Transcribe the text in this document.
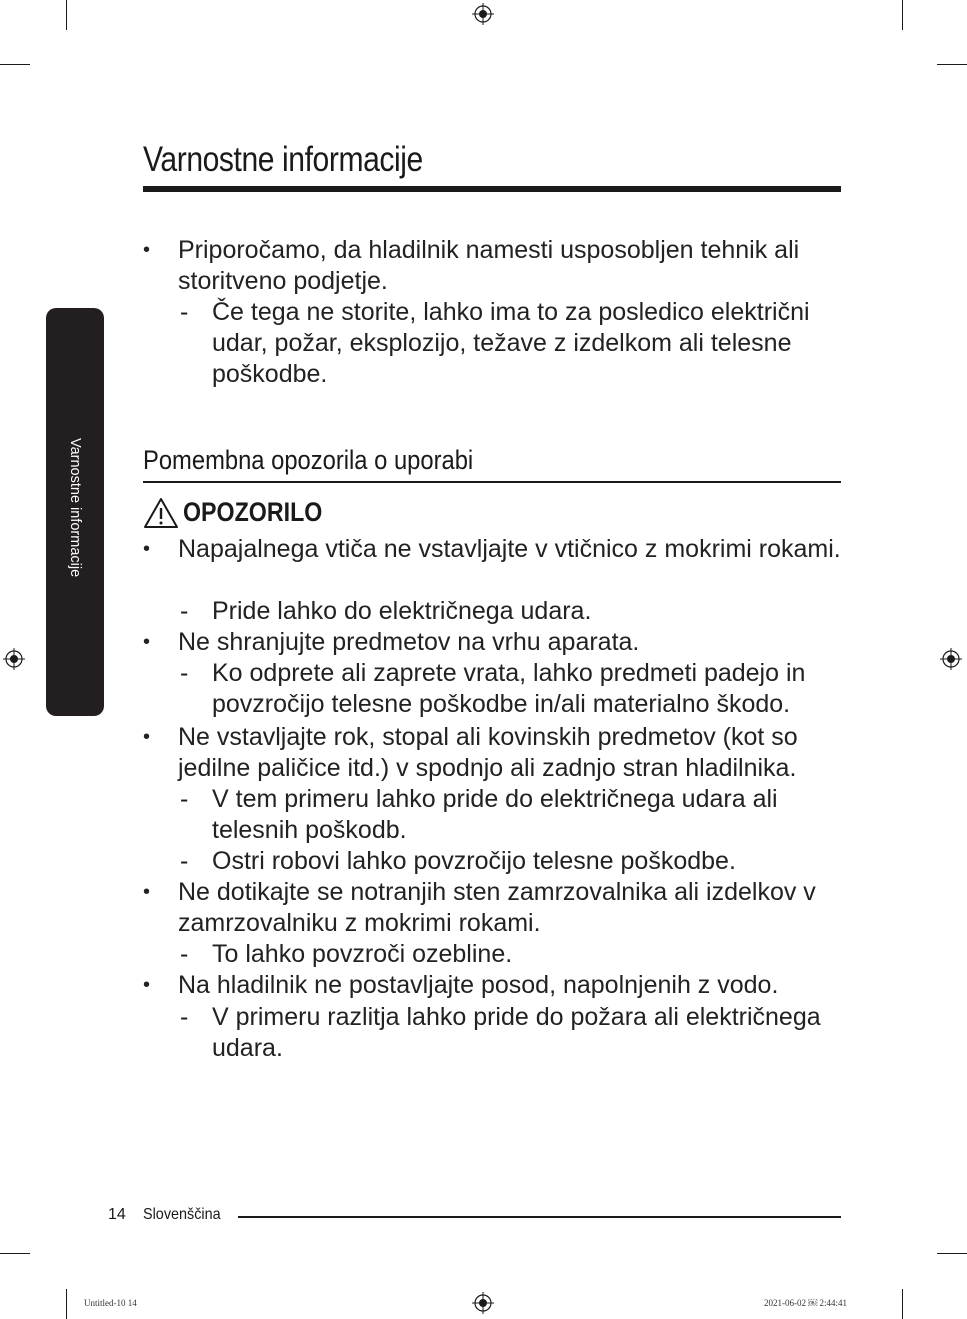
Varnostne informacije
Varnostne informacije
• Priporočamo, da hladilnik namesti usposobljen tehnik ali storitveno podjetje.
- Če tega ne storite, lahko ima to za posledico električni udar, požar, eksplozijo, težave z izdelkom ali telesne poškodbe.
Pomembna opozorila o uporabi
OPOZORILO
• Napajalnega vtiča ne vstavljajte v vtičnico z mokrimi rokami.
- Pride lahko do električnega udara.
• Ne shranjujte predmetov na vrhu aparata.
- Ko odprete ali zaprete vrata, lahko predmeti padejo in povzročijo telesne poškodbe in/ali materialno škodo.
• Ne vstavljajte rok, stopal ali kovinskih predmetov (kot so jedilne paličice itd.) v spodnjo ali zadnjo stran hladilnika.
- V tem primeru lahko pride do električnega udara ali telesnih poškodb.
- Ostri robovi lahko povzročijo telesne poškodbe.
• Ne dotikajte se notranjih sten zamrzovalnika ali izdelkov v zamrzovalniku z mokrimi rokami.
- To lahko povzroči ozebline.
• Na hladilnik ne postavljajte posod, napolnjenih z vodo.
- V primeru razlitja lahko pride do požara ali električnega udara.
14 Slovenščina
Untitled-10 14	2021-06-02 ￼ 2:44:41
